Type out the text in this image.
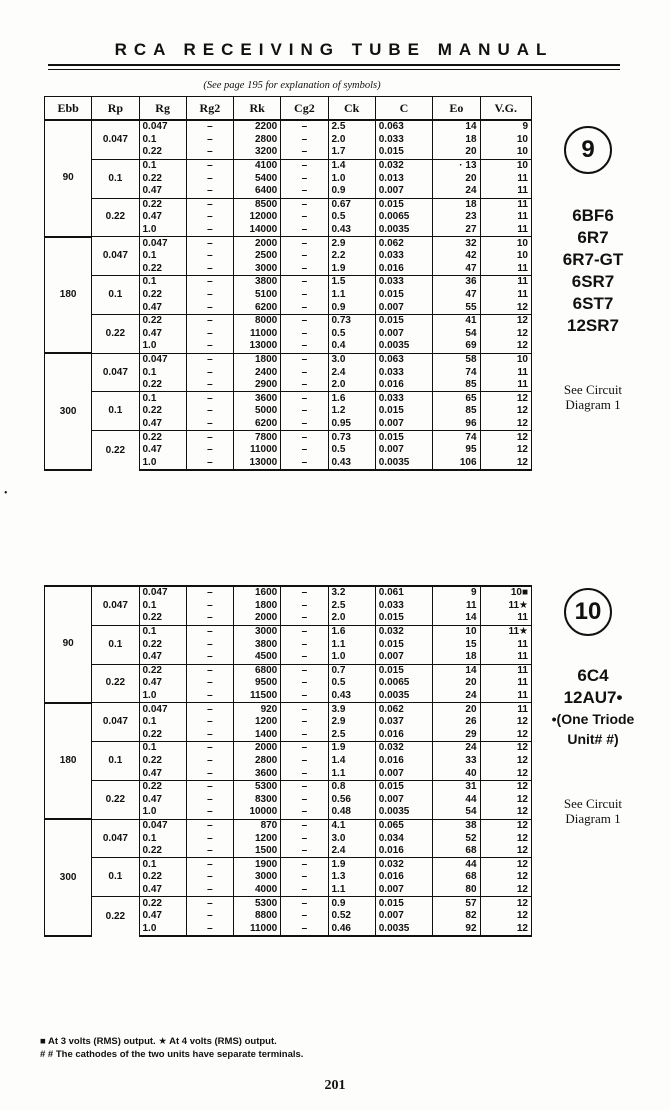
RCA RECEIVING TUBE MANUAL
(See page 195 for explanation of symbols)
•
Ebb	Rp	Rg	Rg2	Rk	Cg2	Ck	C	Eo	V.G.
90	0.047	0.047	–	2200	–	2.5	0.063	14	9
		0.1	–	2800	–	2.0	0.033	18	10
		0.22	–	3200	–	1.7	0.015	20	10
	0.1	0.1	–	4100	–	1.4	0.032	· 13	10
		0.22	–	5400	–	1.0	0.013	20	11
		0.47	–	6400	–	0.9	0.007	24	11
	0.22	0.22	–	8500	–	0.67	0.015	18	11
		0.47	–	12000	–	0.5	0.0065	23	11
		1.0	–	14000	–	0.43	0.0035	27	11
180	0.047	0.047	–	2000	–	2.9	0.062	32	10
		0.1	–	2500	–	2.2	0.033	42	10
		0.22	–	3000	–	1.9	0.016	47	11
	0.1	0.1	–	3800	–	1.5	0.033	36	11
		0.22	–	5100	–	1.1	0.015	47	11
		0.47	–	6200	–	0.9	0.007	55	12
	0.22	0.22	–	8000	–	0.73	0.015	41	12
		0.47	–	11000	–	0.5	0.007	54	12
		1.0	–	13000	–	0.4	0.0035	69	12
300	0.047	0.047	–	1800	–	3.0	0.063	58	10
		0.1	–	2400	–	2.4	0.033	74	11
		0.22	–	2900	–	2.0	0.016	85	11
	0.1	0.1	–	3600	–	1.6	0.033	65	12
		0.22	–	5000	–	1.2	0.015	85	12
		0.47	–	6200	–	0.95	0.007	96	12
	0.22	0.22	–	7800	–	0.73	0.015	74	12
		0.47	–	11000	–	0.5	0.007	95	12
		1.0	–	13000	–	0.43	0.0035	106	12
90	0.047	0.047	–	1600	–	3.2	0.061	9	10■
		0.1	–	1800	–	2.5	0.033	11	11★
		0.22	–	2000	–	2.0	0.015	14	11
	0.1	0.1	–	3000	–	1.6	0.032	10	11★
		0.22	–	3800	–	1.1	0.015	15	11
		0.47	–	4500	–	1.0	0.007	18	11
	0.22	0.22	–	6800	–	0.7	0.015	14	11
		0.47	–	9500	–	0.5	0.0065	20	11
		1.0	–	11500	–	0.43	0.0035	24	11
180	0.047	0.047	–	920	–	3.9	0.062	20	11
		0.1	–	1200	–	2.9	0.037	26	12
		0.22	–	1400	–	2.5	0.016	29	12
	0.1	0.1	–	2000	–	1.9	0.032	24	12
		0.22	–	2800	–	1.4	0.016	33	12
		0.47	–	3600	–	1.1	0.007	40	12
	0.22	0.22	–	5300	–	0.8	0.015	31	12
		0.47	–	8300	–	0.56	0.007	44	12
		1.0	–	10000	–	0.48	0.0035	54	12
300	0.047	0.047	–	870	–	4.1	0.065	38	12
		0.1	–	1200	–	3.0	0.034	52	12
		0.22	–	1500	–	2.4	0.016	68	12
	0.1	0.1	–	1900	–	1.9	0.032	44	12
		0.22	–	3000	–	1.3	0.016	68	12
		0.47	–	4000	–	1.1	0.007	80	12
	0.22	0.22	–	5300	–	0.9	0.015	57	12
		0.47	–	8800	–	0.52	0.007	82	12
		1.0	–	11000	–	0.46	0.0035	92	12
9
6BF6
6R7
6R7-GT
6SR7
6ST7
12SR7
See Circuit
Diagram 1
10
6C4
12AU7•
•(One Triode
Unit# #)
See Circuit
Diagram 1
■ At 3 volts (RMS) output. ★ At 4 volts (RMS) output.
# # The cathodes of the two units have separate terminals.
201
